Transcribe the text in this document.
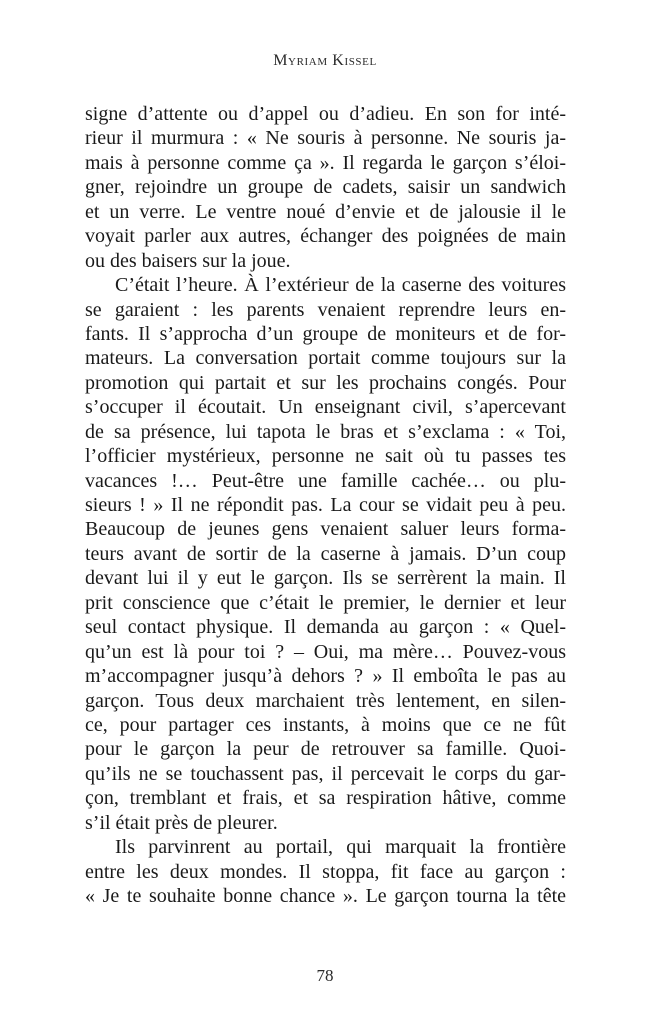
Myriam Kissel
signe d’attente ou d’appel ou d’adieu. En son for inté-
rieur il murmura : « Ne souris à personne. Ne souris ja-
mais à personne comme ça ». Il regarda le garçon s’éloi-
gner, rejoindre un groupe de cadets, saisir un sandwich
et un verre. Le ventre noué d’envie et de jalousie il le
voyait parler aux autres, échanger des poignées de main
ou des baisers sur la joue.
C’était l’heure. À l’extérieur de la caserne des voitures
se garaient : les parents venaient reprendre leurs en-
fants. Il s’approcha d’un groupe de moniteurs et de for-
mateurs. La conversation portait comme toujours sur la
promotion qui partait et sur les prochains congés. Pour
s’occuper il écoutait. Un enseignant civil, s’apercevant
de sa présence, lui tapota le bras et s’exclama : « Toi,
l’officier mystérieux, personne ne sait où tu passes tes
vacances !… Peut-être une famille cachée… ou plu-
sieurs ! » Il ne répondit pas. La cour se vidait peu à peu.
Beaucoup de jeunes gens venaient saluer leurs forma-
teurs avant de sortir de la caserne à jamais. D’un coup
devant lui il y eut le garçon. Ils se serrèrent la main. Il
prit conscience que c’était le premier, le dernier et leur
seul contact physique. Il demanda au garçon : « Quel-
qu’un est là pour toi ? – Oui, ma mère… Pouvez-vous
m’accompagner jusqu’à dehors ? » Il emboîta le pas au
garçon. Tous deux marchaient très lentement, en silen-
ce, pour partager ces instants, à moins que ce ne fût
pour le garçon la peur de retrouver sa famille. Quoi-
qu’ils ne se touchassent pas, il percevait le corps du gar-
çon, tremblant et frais, et sa respiration hâtive, comme
s’il était près de pleurer.
Ils parvinrent au portail, qui marquait la frontière
entre les deux mondes. Il stoppa, fit face au garçon :
« Je te souhaite bonne chance ». Le garçon tourna la tête
78
